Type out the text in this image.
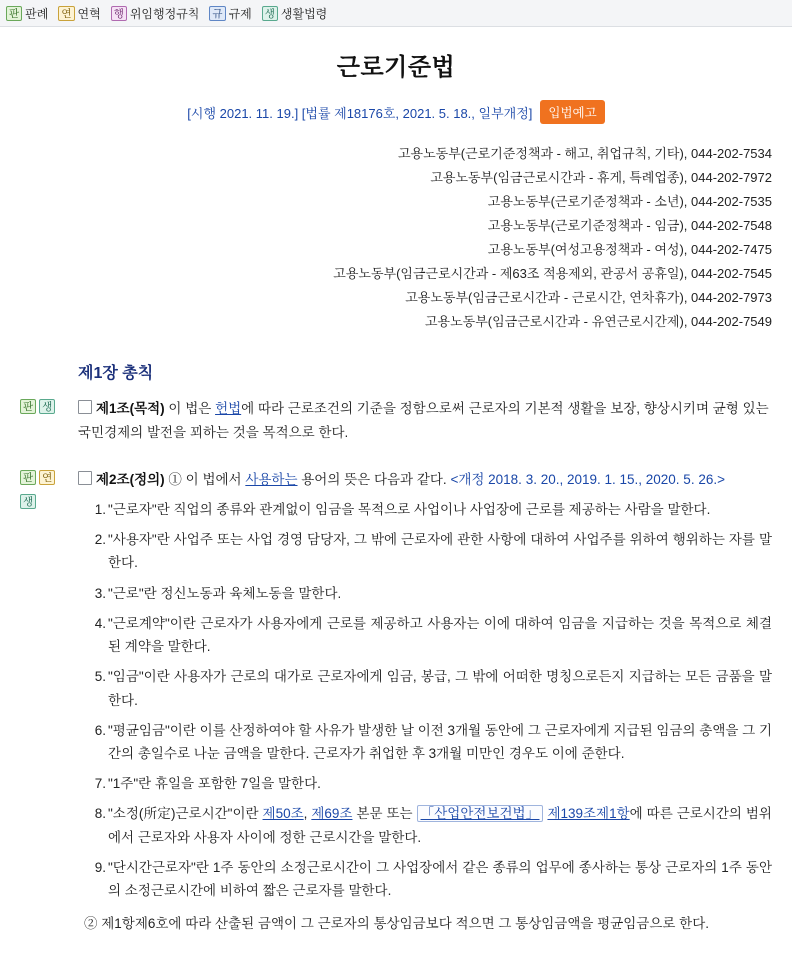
판 판례 연 연혁 행 위임행정규칙 규 규제 생 생활법령
근로기준법
[시행 2021. 11. 19.] [법률 제18176호, 2021. 5. 18., 일부개정] 입법예고
고용노동부(근로기준정책과 - 해고, 취업규칙, 기타), 044-202-7534
고용노동부(임금근로시간과 - 휴게, 특례업종), 044-202-7972
고용노동부(근로기준정책과 - 소년), 044-202-7535
고용노동부(근로기준정책과 - 임금), 044-202-7548
고용노동부(여성고용정책과 - 여성), 044-202-7475
고용노동부(임금근로시간과 - 제63조 적용제외, 관공서 공휴일), 044-202-7545
고용노동부(임금근로시간과 - 근로시간, 연차휴가), 044-202-7973
고용노동부(임금근로시간과 - 유연근로시간제), 044-202-7549
제1장 총칙
판 생	제1조(목적) 이 법은 헌법에 따라 근로조건의 기준을 정함으로써 근로자의 기본적 생활을 보장, 향상시키며 균형 있는 국민경제의 발전을 꾀하는 것을 목적으로 한다.
판 연
생
제2조(정의) ① 이 법에서 사용하는 용어의 뜻은 다음과 같다. <개정 2018. 3. 20., 2019. 1. 15., 2020. 5. 26.>
1. "근로자"란 직업의 종류와 관계없이 임금을 목적으로 사업이나 사업장에 근로를 제공하는 사람을 말한다.
2. "사용자"란 사업주 또는 사업 경영 담당자, 그 밖에 근로자에 관한 사항에 대하여 사업주를 위하여 행위하는 자를 말한다.
3. "근로"란 정신노동과 육체노동을 말한다.
4. "근로계약"이란 근로자가 사용자에게 근로를 제공하고 사용자는 이에 대하여 임금을 지급하는 것을 목적으로 체결된 계약을 말한다.
5. "임금"이란 사용자가 근로의 대가로 근로자에게 임금, 봉급, 그 밖에 어떠한 명칭으로든지 지급하는 모든 금품을 말한다.
6. "평균임금"이란 이를 산정하여야 할 사유가 발생한 날 이전 3개월 동안에 그 근로자에게 지급된 임금의 총액을 그 기간의 총일수로 나눈 금액을 말한다. 근로자가 취업한 후 3개월 미만인 경우도 이에 준한다.
7. "1주"란 휴일을 포함한 7일을 말한다.
8. "소정(所定)근로시간"이란 제50조, 제69조 본문 또는 「산업안전보건법」 제139조제1항에 따른 근로시간의 범위에서 근로자와 사용자 사이에 정한 근로시간을 말한다.
9. "단시간근로자"란 1주 동안의 소정근로시간이 그 사업장에서 같은 종류의 업무에 종사하는 통상 근로자의 1주 동안의 소정근로시간에 비하여 짧은 근로자를 말한다.
② 제1항제6호에 따라 산출된 금액이 그 근로자의 통상임금보다 적으면 그 통상임금액을 평균임금으로 한다.
